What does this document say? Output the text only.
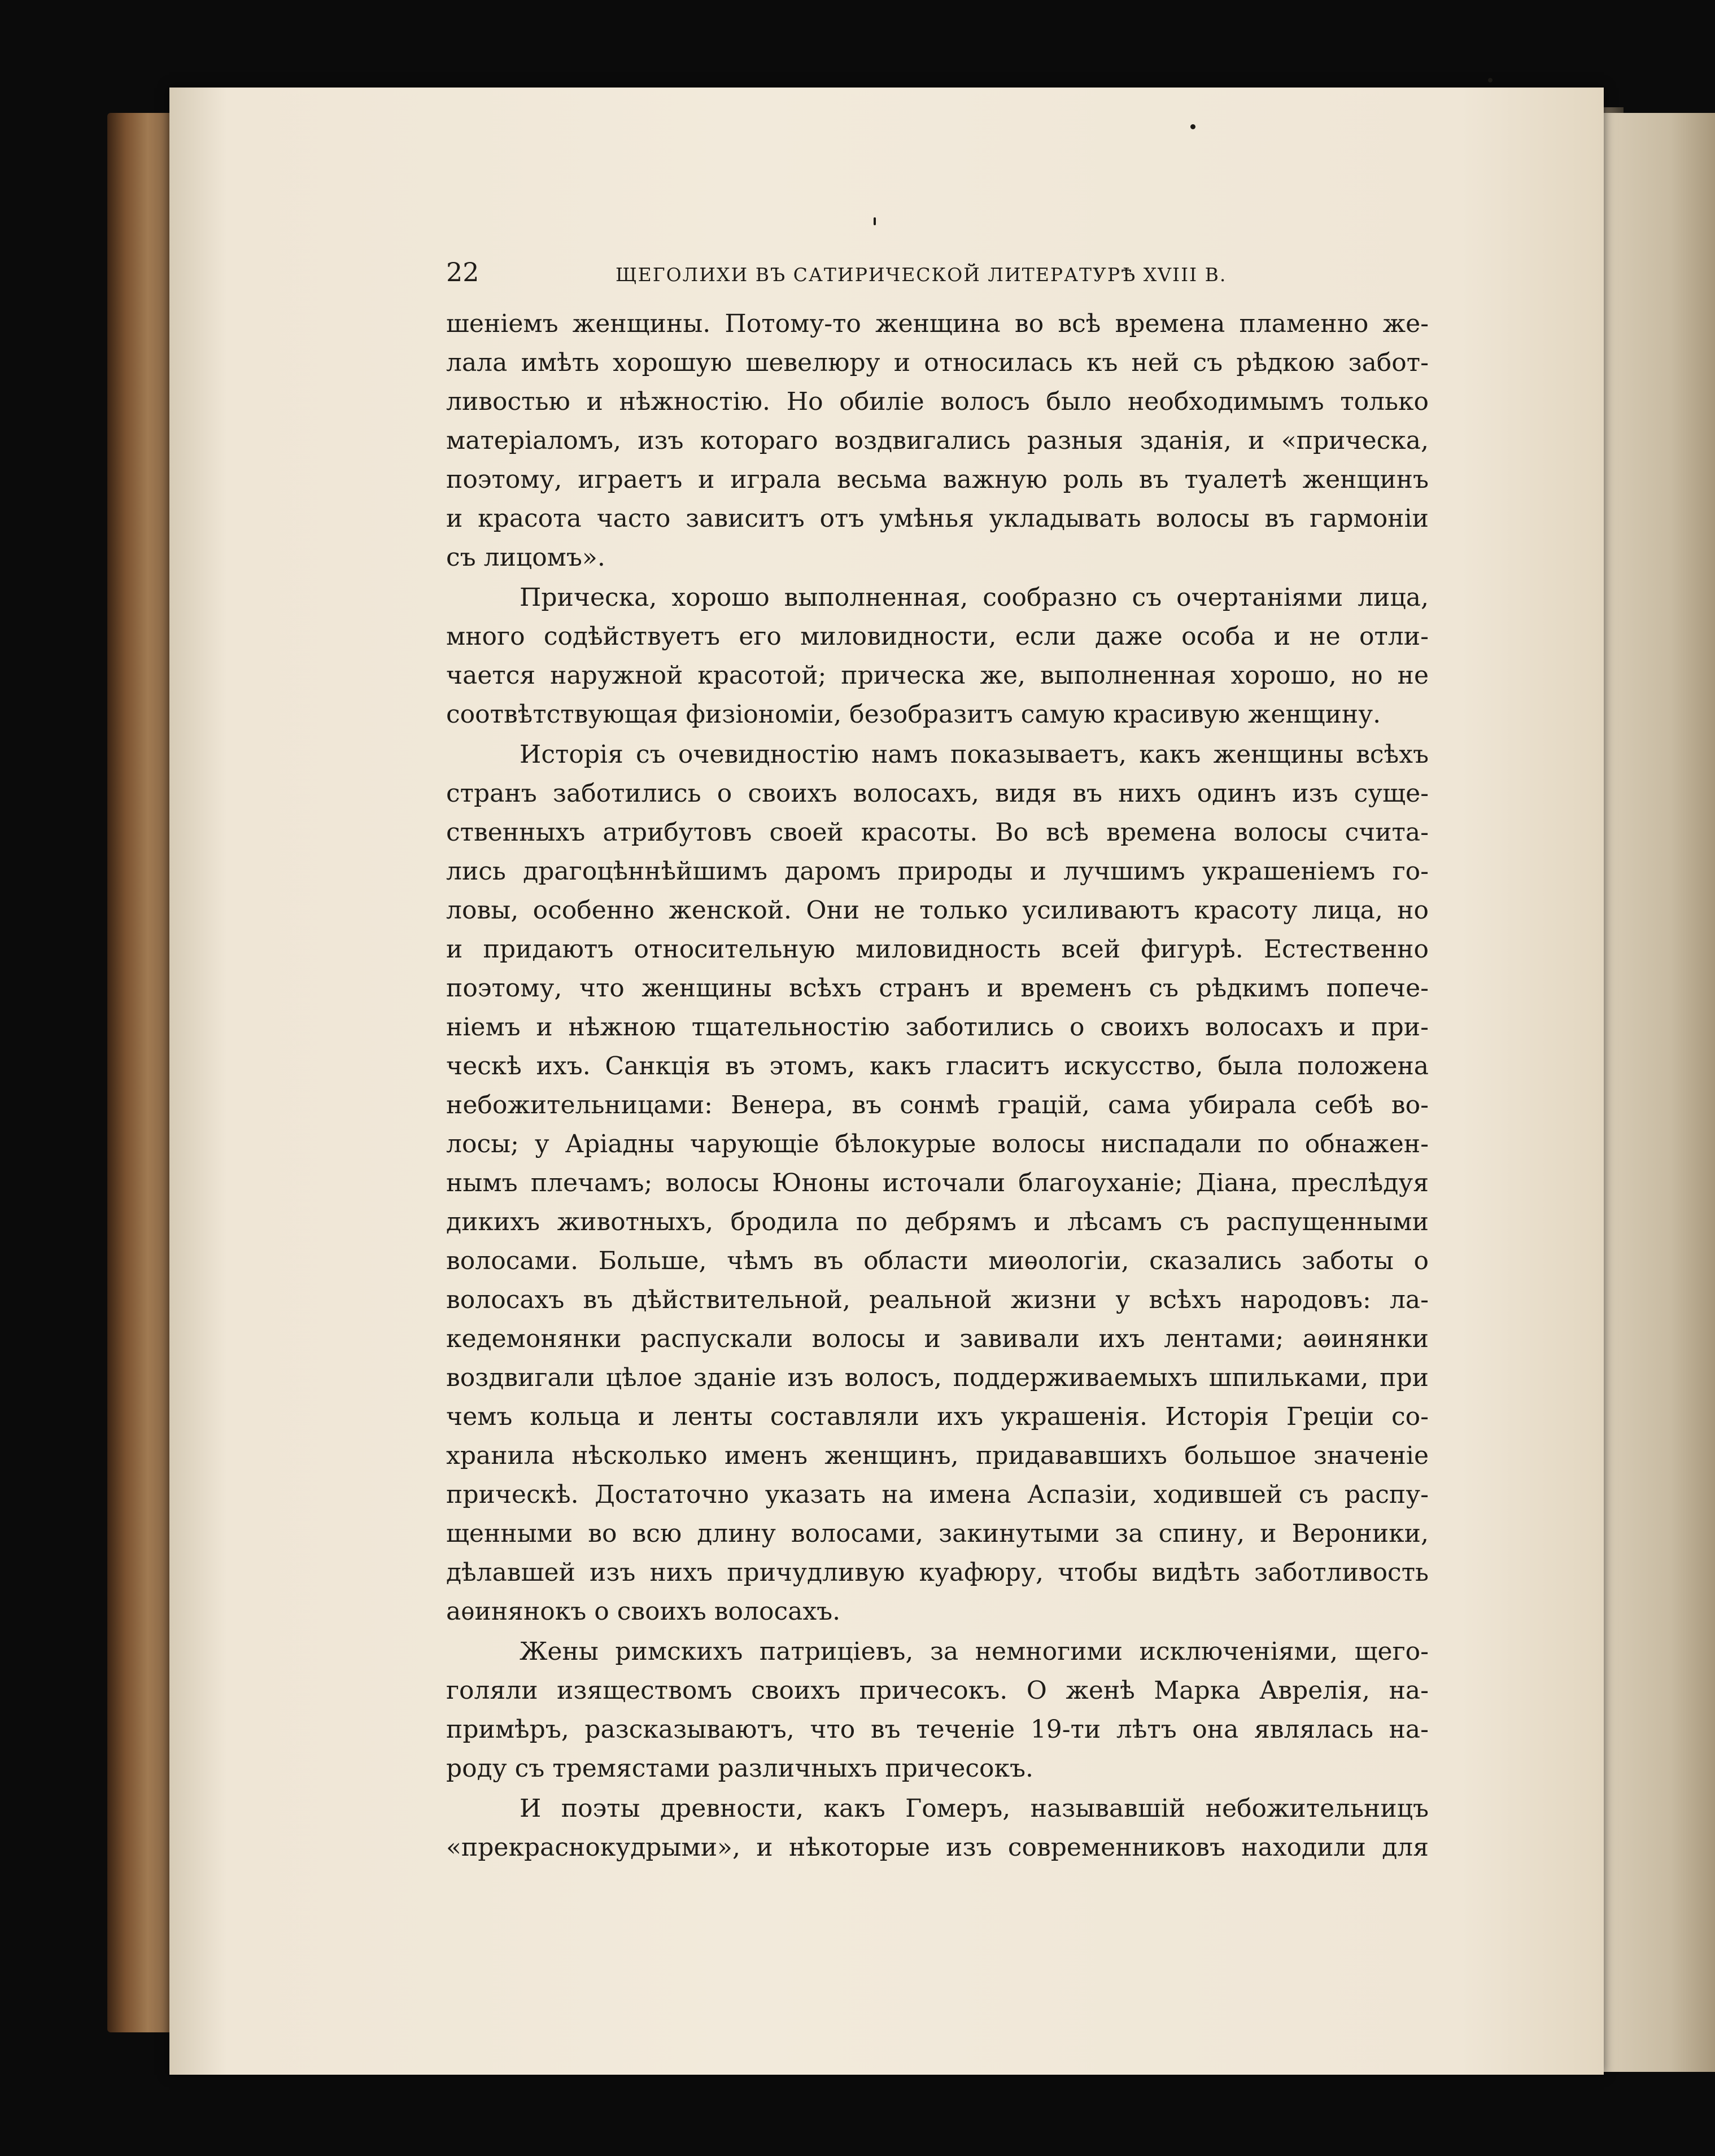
22	ЩЕГОЛИХИ ВЪ САТИРИЧЕСКОЙ ЛИТЕРАТУРѢ XVIII В.
шеніемъ женщины. Потому-то женщина во всѣ времена пламенно же-
лала имѣть хорошую шевелюру и относилась къ ней съ рѣдкою забот-
ливостью и нѣжностію. Но обиліе волосъ было необходимымъ только
матеріаломъ, изъ котораго воздвигались разныя зданія, и «прическа,
поэтому, играетъ и играла весьма важную роль въ туалетѣ женщинъ
и красота часто зависитъ отъ умѣнья укладывать волосы въ гармоніи
съ лицомъ».
Прическа, хорошо выполненная, сообразно съ очертаніями лица,
много содѣйствуетъ его миловидности, если даже особа и не отли-
чается наружной красотой; прическа же, выполненная хорошо, но не
соотвѣтствующая физіономіи, безобразитъ самую красивую женщину.
Исторія съ очевидностію намъ показываетъ, какъ женщины всѣхъ
странъ заботились о своихъ волосахъ, видя въ нихъ одинъ изъ суще-
ственныхъ атрибутовъ своей красоты. Во всѣ времена волосы счита-
лись драгоцѣннѣйшимъ даромъ природы и лучшимъ украшеніемъ го-
ловы, особенно женской. Они не только усиливаютъ красоту лица, но
и придаютъ относительную миловидность всей фигурѣ. Естественно
поэтому, что женщины всѣхъ странъ и временъ съ рѣдкимъ попече-
ніемъ и нѣжною тщательностію заботились о своихъ волосахъ и при-
ческѣ ихъ. Санкція въ этомъ, какъ гласитъ искусство, была положена
небожительницами: Венера, въ сонмѣ грацій, сама убирала себѣ во-
лосы; у Аріадны чарующіе бѣлокурые волосы ниспадали по обнажен-
нымъ плечамъ; волосы Юноны источали благоуханіе; Діана, преслѣдуя
дикихъ животныхъ, бродила по дебрямъ и лѣсамъ съ распущенными
волосами. Больше, чѣмъ въ области миѳологіи, сказались заботы о
волосахъ въ дѣйствительной, реальной жизни у всѣхъ народовъ: ла-
кедемонянки распускали волосы и завивали ихъ лентами; аѳинянки
воздвигали цѣлое зданіе изъ волосъ, поддерживаемыхъ шпильками, при
чемъ кольца и ленты составляли ихъ украшенія. Исторія Греціи со-
хранила нѣсколько именъ женщинъ, придававшихъ большое значеніе
прическѣ. Достаточно указать на имена Аспазіи, ходившей съ распу-
щенными во всю длину волосами, закинутыми за спину, и Вероники,
дѣлавшей изъ нихъ причудливую куафюру, чтобы видѣть заботливость
аѳинянокъ о своихъ волосахъ.
Жены римскихъ патриціевъ, за немногими исключеніями, щего-
голяли изяществомъ своихъ причесокъ. О женѣ Марка Аврелія, на-
примѣръ, разсказываютъ, что въ теченіе 19-ти лѣтъ она являлась на-
роду съ тремястами различныхъ причесокъ.
И поэты древности, какъ Гомеръ, называвшій небожительницъ
«прекраснокудрыми», и нѣкоторые изъ современниковъ находили для
